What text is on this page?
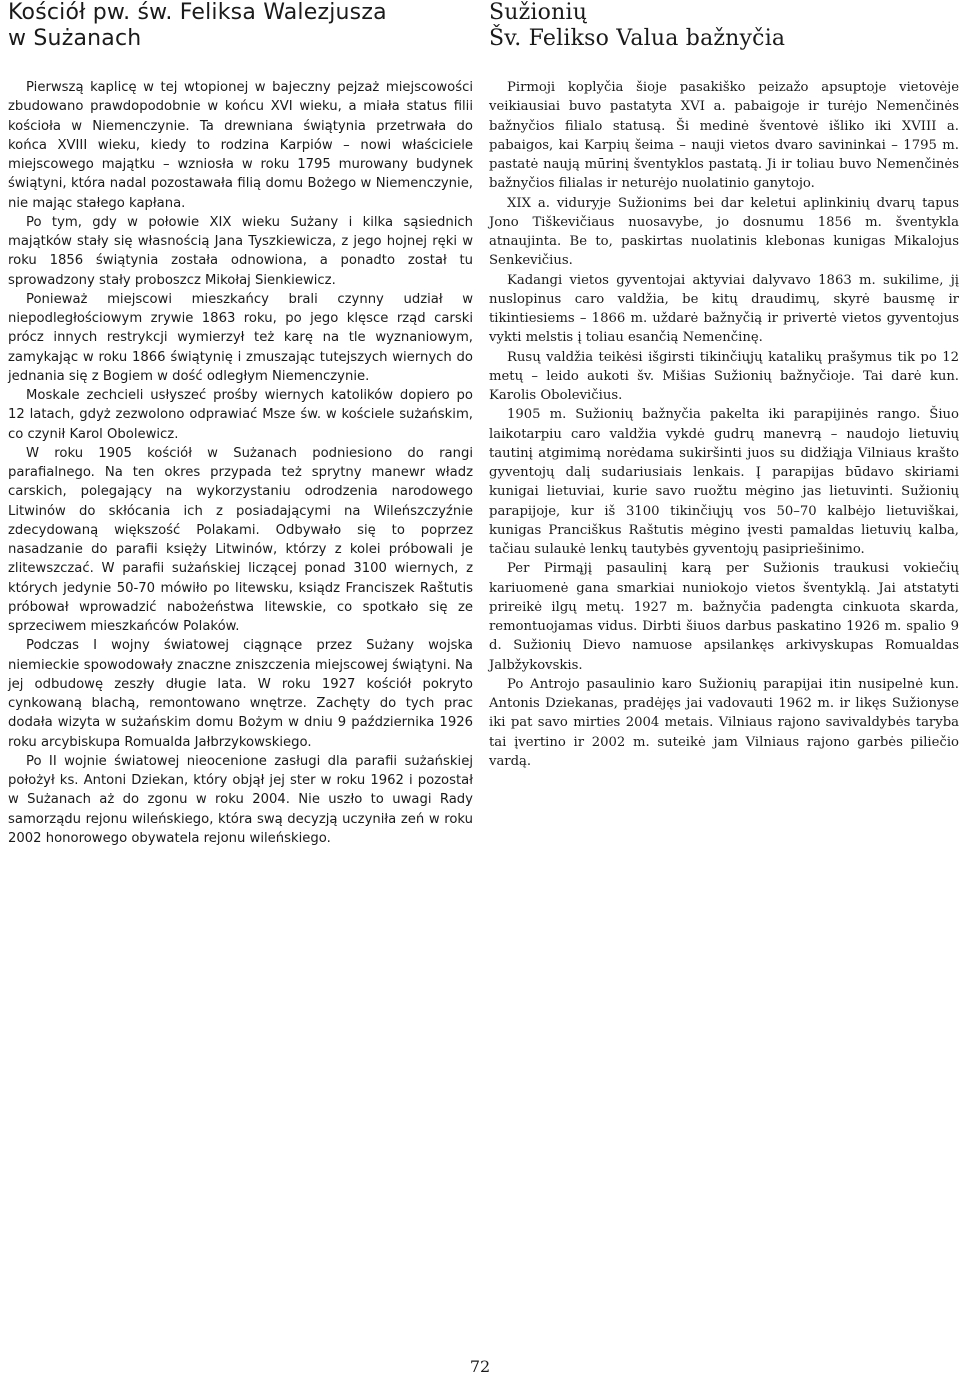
Kościół pw. św. Feliksa Walezjusza
w Sużanach

Pierwszą kaplicę w tej wtopionej w bajeczny pejzaż miejscowości zbudowano prawdopodobnie w końcu XVI wieku, a miała status filii kościoła w Niemenczynie. Ta drewniana świątynia przetrwała do końca XVIII wieku, kiedy to rodzina Karpiów – nowi właściciele miejscowego majątku – wzniosła w roku 1795 murowany budynek świątyni, która nadal pozostawała filią domu Bożego w Niemenczynie, nie mając stałego kapłana.

Po tym, gdy w połowie XIX wieku Sużany i kilka sąsiednich majątków stały się własnością Jana Tyszkiewicza, z jego hojnej ręki w roku 1856 świątynia została odnowiona, a ponadto został tu sprowadzony stały proboszcz Mikołaj Sienkiewicz.

Ponieważ miejscowi mieszkańcy brali czynny udział w niepodległościowym zrywie 1863 roku, po jego klęsce rząd carski prócz innych restrykcji wymierzył też karę na tle wyznaniowym, zamykając w roku 1866 świątynię i zmuszając tutejszych wiernych do jednania się z Bogiem w dość odległym Niemenczynie.

Moskale zechcieli usłyszeć prośby wiernych katolików dopiero po 12 latach, gdyż zezwolono odprawiać Msze św. w kościele sużańskim, co czynił Karol Obolewicz.

W roku 1905 kościół w Sużanach podniesiono do rangi parafialnego. Na ten okres przypada też sprytny manewr władz carskich, polegający na wykorzystaniu odrodzenia narodowego Litwinów do skłócania ich z posiadającymi na Wileńszczyźnie zdecydowaną większość Polakami. Odbywało się to poprzez nasadzanie do parafii księży Litwinów, którzy z kolei próbowali je zlitewszczać. W parafii sużańskiej liczącej ponad 3100 wiernych, z których jedynie 50-70 mówiło po litewsku, ksiądz Franciszek Raštutis próbował wprowadzić nabożeństwa litewskie, co spotkało się ze sprzeciwem mieszkańców Polaków.

Podczas I wojny światowej ciągnące przez Sużany wojska niemieckie spowodowały znaczne zniszczenia miejscowej świątyni. Na jej odbudowę zeszły długie lata. W roku 1927 kościół pokryto cynkowaną blachą, remontowano wnętrze. Zachęty do tych prac dodała wizyta w sużańskim domu Bożym w dniu 9 października 1926 roku arcybiskupa Romualda Jałbrzykowskiego.

Po II wojnie światowej nieocenione zasługi dla parafii sużańskiej położył ks. Antoni Dziekan, który objął jej ster w roku 1962 i pozostał w Sużanach aż do zgonu w roku 2004. Nie uszło to uwagi Rady samorządu rejonu wileńskiego, która swą decyzją uczyniła zeń w roku 2002 honorowego obywatela rejonu wileńskiego.

Sužionių
Šv. Felikso Valua bažnyčia

Pirmoji koplyčia šioje pasakiško peizažo apsuptoje vietovėje veikiausiai buvo pastatyta XVI a. pabaigoje ir turėjo Nemenčinės bažnyčios filialo statusą. Ši medinė šventovė išliko iki XVIII a. pabaigos, kai Karpių šeima – nauji vietos dvaro savininkai – 1795 m. pastatė naują mūrinį šventyklos pastatą. Ji ir toliau buvo Nemenčinės bažnyčios filialas ir neturėjo nuolatinio ganytojo.

XIX a. viduryje Sužionims bei dar keletui aplinkinių dvarų tapus Jono Tiškevičiaus nuosavybe, jo dosnumu 1856 m. šventykla atnaujinta. Be to, paskirtas nuolatinis klebonas kunigas Mikalojus Senkevičius.

Kadangi vietos gyventojai aktyviai dalyvavo 1863 m. sukilime, jį nuslopinus caro valdžia, be kitų draudimų, skyrė bausmę ir tikintiesiems – 1866 m. uždarė bažnyčią ir privertė vietos gyventojus vykti melstis į toliau esančią Nemenčinę.

Rusų valdžia teikėsi išgirsti tikinčiųjų katalikų prašymus tik po 12 metų – leido aukoti šv. Mišias Sužionių bažnyčioje. Tai darė kun. Karolis Obolevičius.

1905 m. Sužionių bažnyčia pakelta iki parapijinės rango. Šiuo laikotarpiu caro valdžia vykdė gudrų manevrą – naudojo lietuvių tautinį atgimimą norėdama sukiršinti juos su didžiąja Vilniaus krašto gyventojų dalį sudariusiais lenkais. Į parapijas būdavo skiriami kunigai lietuviai, kurie savo ruožtu mėgino jas lietuvinti. Sužionių parapijoje, kur iš 3100 tikinčiųjų vos 50–70 kalbėjo lietuviškai, kunigas Pranciškus Raštutis mėgino įvesti pamaldas lietuvių kalba, tačiau sulaukė lenkų tautybės gyventojų pasipriešinimo.

Per Pirmąjį pasaulinį karą per Sužionis traukusi vokiečių kariuomenė gana smarkiai nuniokojo vietos šventyklą. Jai atstatyti prireikė ilgų metų. 1927 m. bažnyčia padengta cinkuota skarda, remontuojamas vidus. Dirbti šiuos darbus paskatino 1926 m. spalio 9 d. Sužionių Dievo namuose apsilankęs arkivyskupas Romualdas Jalbžykovskis.

Po Antrojo pasaulinio karo Sužionių parapijai itin nusipelnė kun. Antonis Dziekanas, pradėjęs jai vadovauti 1962 m. ir likęs Sužionyse iki pat savo mirties 2004 metais. Vilniaus rajono savivaldybės taryba tai įvertino ir 2002 m. suteikė jam Vilniaus rajono garbės piliečio vardą.

72
